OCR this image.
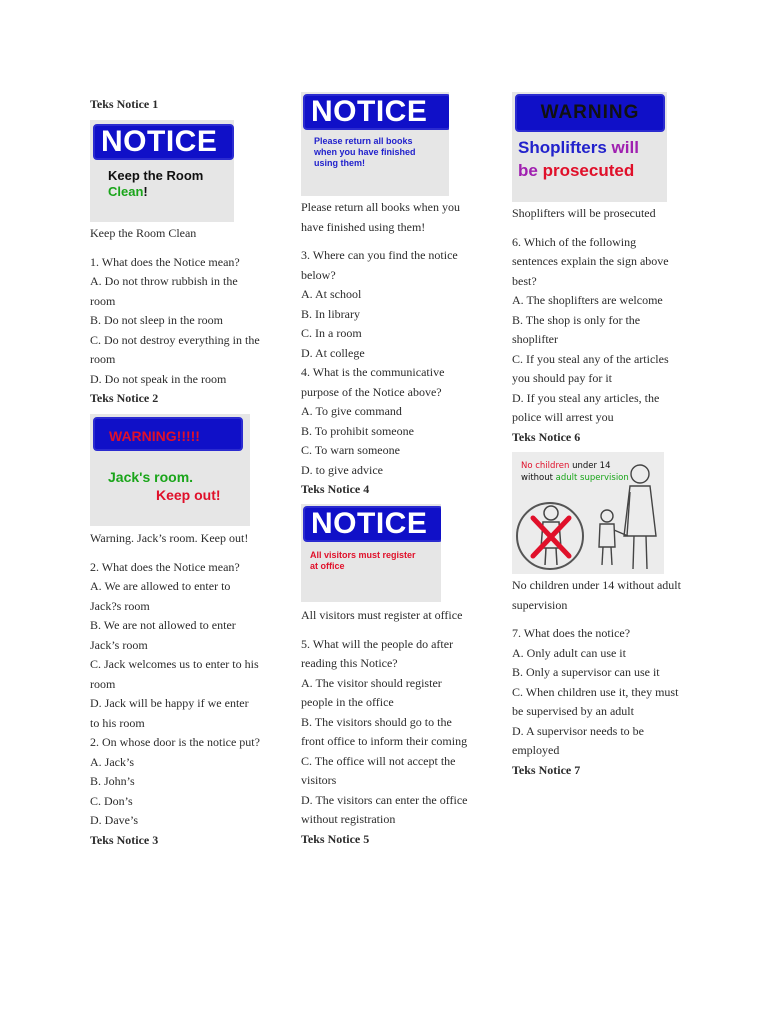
Teks Notice 1

NOTICE
Keep the Room
Clean!

Keep the Room Clean

1. What does the Notice mean?

A. Do not throw rubbish in the room

B. Do not sleep in the room

C. Do not destroy everything in the room

D. Do not speak in the room

Teks Notice 2

WARNING!!!!!
Jack's room.
Keep out!

Warning. Jack’s room. Keep out!

2. What does the Notice mean?

A. We are allowed to enter to Jack?s room

B. We are not allowed to enter Jack’s room

C. Jack welcomes us to enter to his room

D. Jack will be happy if we enter to his room

2. On whose door is the notice put?

A. Jack’s

B. John’s

C. Don’s

D. Dave’s

Teks Notice 3

NOTICE
Please return all books
when you have finished
using them!

Please return all books when you have finished using them!

3. Where can you find the notice below?

A. At school

B. In library

C. In a room

D. At college

4. What is the communicative purpose of the Notice above?

A. To give command

B. To prohibit someone

C. To warn someone

D. to give advice

Teks Notice 4

NOTICE
All visitors must register
at office

All visitors must register at office

5. What will the people do after reading this Notice?

A. The visitor should register people in the office

B. The visitors should go to the front office to inform their coming

C. The office will not accept the visitors

D. The visitors can enter the office without registration

Teks Notice 5

WARNING
Shoplifters will
be prosecuted

Shoplifters will be prosecuted

6. Which of the following sentences explain the sign above best?

A. The shoplifters are welcome

B. The shop is only for the shoplifter

C. If you steal any of the articles you should pay for it

D. If you steal any articles, the police will arrest you

Teks Notice 6

No children under 14
without adult supervision

No children under 14 without adult supervision

7. What does the notice?

A. Only adult can use it

B. Only a supervisor can use it

C. When children use it, they must be supervised by an adult

D. A supervisor needs to be employed

Teks Notice 7
